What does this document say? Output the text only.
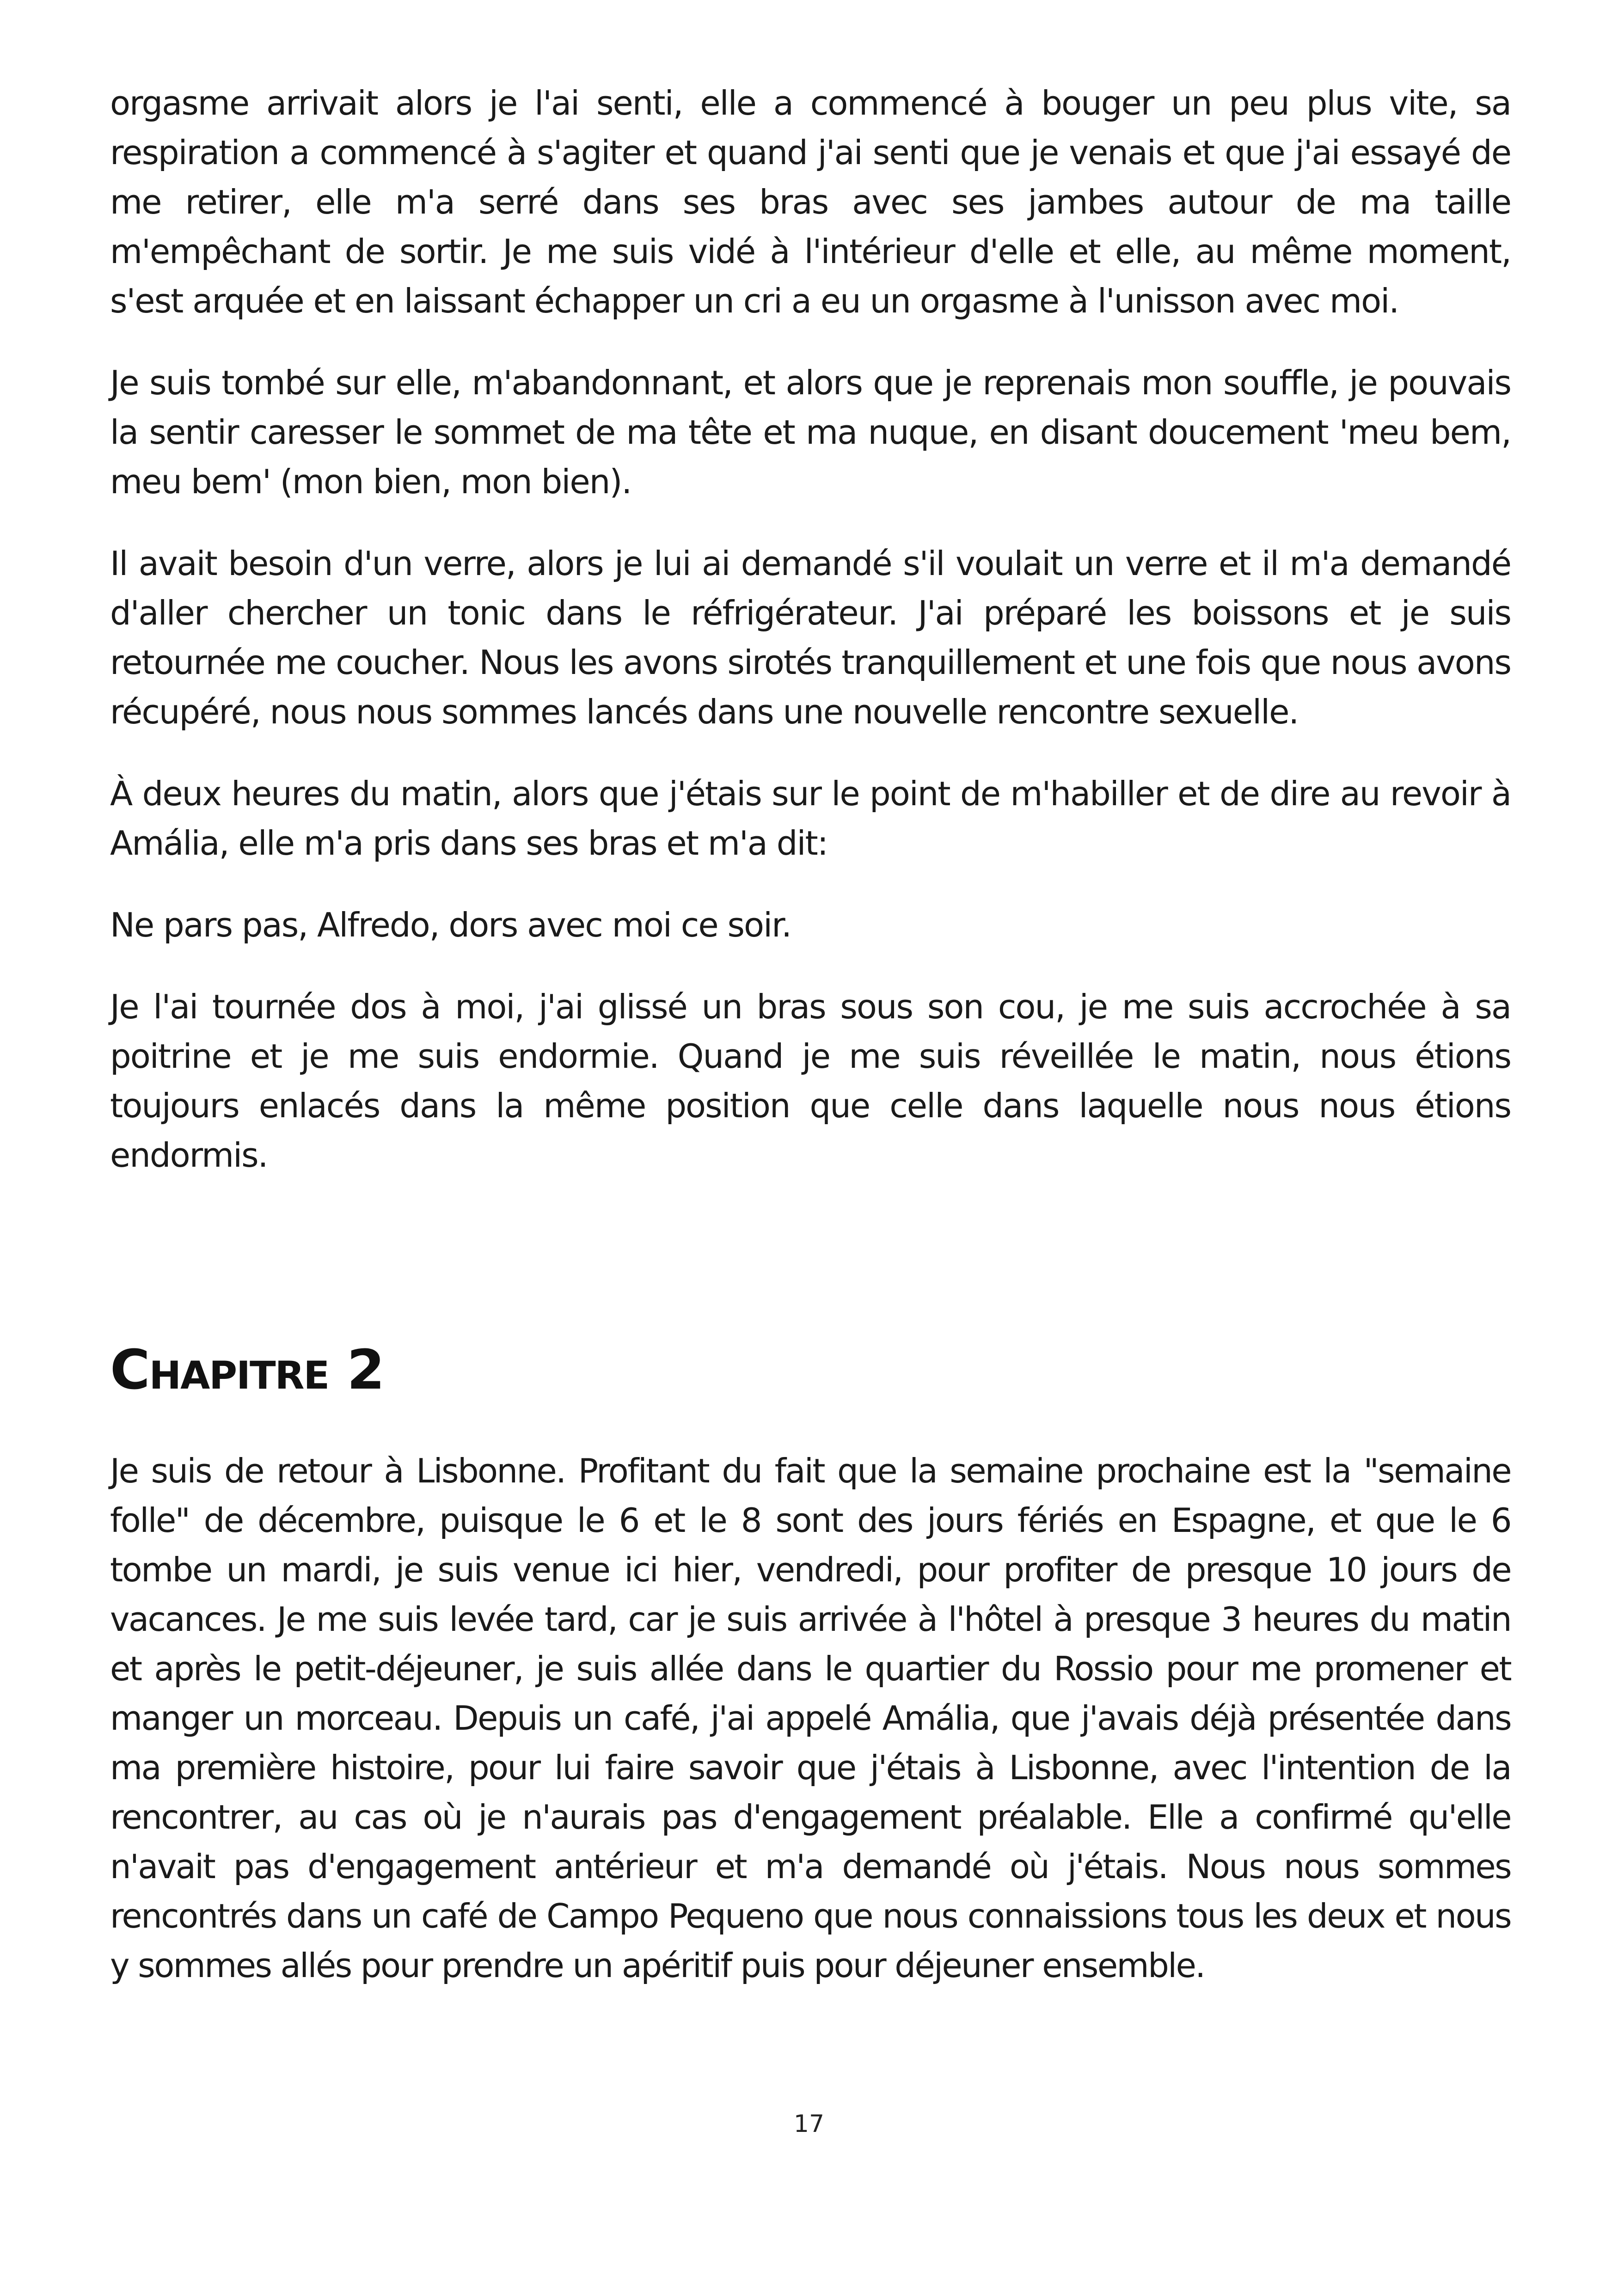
orgasme arrivait alors je l'ai senti, elle a commencé à bouger un peu plus vite, sa respiration a commencé à s'agiter et quand j'ai senti que je venais et que j'ai essayé de me retirer, elle m'a serré dans ses bras avec ses jambes autour de ma taille m'empêchant de sortir. Je me suis vidé à l'intérieur d'elle et elle, au même moment, s'est arquée et en laissant échapper un cri a eu un orgasme à l'unisson avec moi.

Je suis tombé sur elle, m'abandonnant, et alors que je reprenais mon souffle, je pouvais la sentir caresser le sommet de ma tête et ma nuque, en disant doucement 'meu bem, meu bem' (mon bien, mon bien).

Il avait besoin d'un verre, alors je lui ai demandé s'il voulait un verre et il m'a demandé d'aller chercher un tonic dans le réfrigérateur. J'ai préparé les boissons et je suis retournée me coucher. Nous les avons sirotés tranquillement et une fois que nous avons récupéré, nous nous sommes lancés dans une nouvelle rencontre sexuelle.

À deux heures du matin, alors que j'étais sur le point de m'habiller et de dire au revoir à Amália, elle m'a pris dans ses bras et m'a dit:

Ne pars pas, Alfredo, dors avec moi ce soir.

Je l'ai tournée dos à moi, j'ai glissé un bras sous son cou, je me suis accrochée à sa poitrine et je me suis endormie. Quand je me suis réveillée le matin, nous étions toujours enlacés dans la même position que celle dans laquelle nous nous étions endormis.

Chapitre 2

Je suis de retour à Lisbonne. Profitant du fait que la semaine prochaine est la "semaine folle" de décembre, puisque le 6 et le 8 sont des jours fériés en Espagne, et que le 6 tombe un mardi, je suis venue ici hier, vendredi, pour profiter de presque 10 jours de vacances. Je me suis levée tard, car je suis arrivée à l'hôtel à presque 3 heures du matin et après le petit-déjeuner, je suis allée dans le quartier du Rossio pour me promener et manger un morceau. Depuis un café, j'ai appelé Amália, que j'avais déjà présentée dans ma première histoire, pour lui faire savoir que j'étais à Lisbonne, avec l'intention de la rencontrer, au cas où je n'aurais pas d'engagement préalable. Elle a confirmé qu'elle n'avait pas d'engagement antérieur et m'a demandé où j'étais. Nous nous sommes rencontrés dans un café de Campo Pequeno que nous connaissions tous les deux et nous y sommes allés pour prendre un apéritif puis pour déjeuner ensemble.

17
